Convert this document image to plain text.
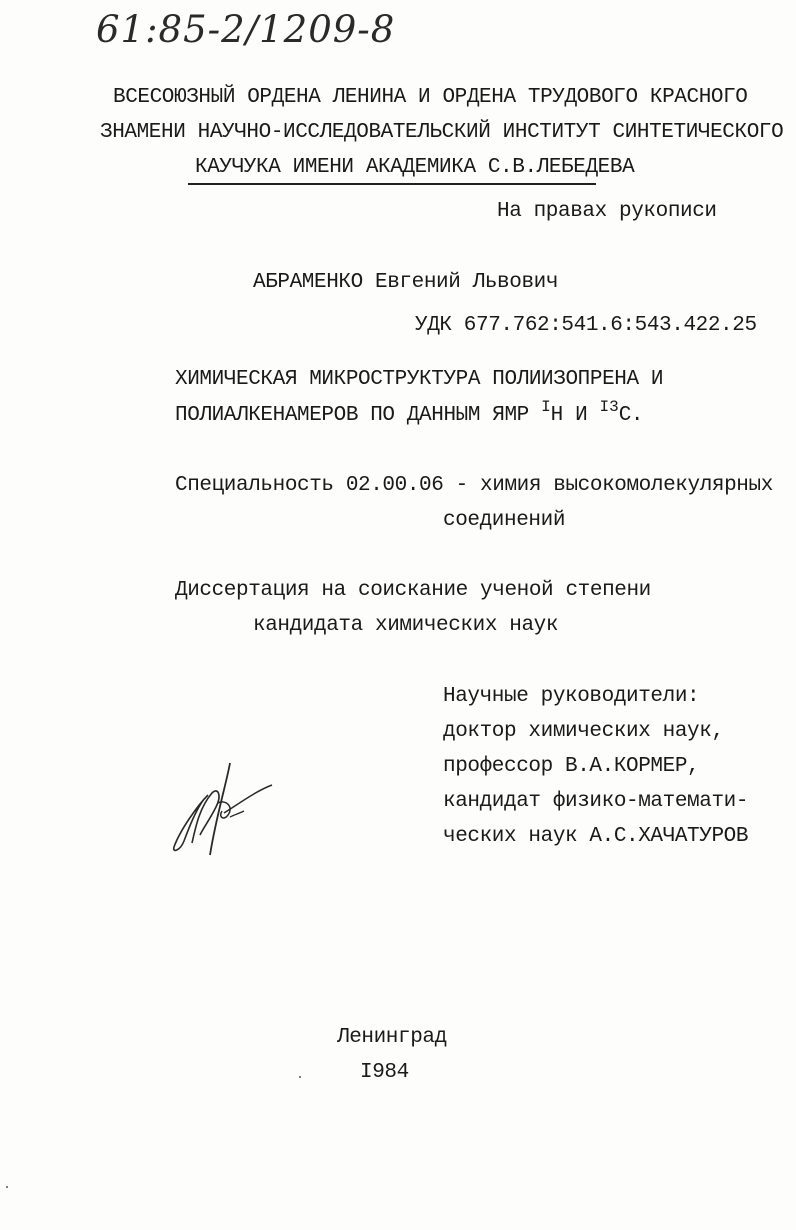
61:85-2/1209-8
ВСЕСОЮЗНЫЙ ОРДЕНА ЛЕНИНА И ОРДЕНА ТРУДОВОГО КРАСНОГО
ЗНАМЕНИ НАУЧНО-ИССЛЕДОВАТЕЛЬСКИЙ ИНСТИТУТ СИНТЕТИЧЕСКОГО
КАУЧУКА ИМЕНИ АКАДЕМИКА С.В.ЛЕБЕДЕВА
На правах рукописи
АБРАМЕНКО Евгений Львович
УДК 677.762:541.6:543.422.25
ХИМИЧЕСКАЯ МИКРОСТРУКТУРА ПОЛИИЗОПРЕНА И
ПОЛИАЛКЕНАМЕРОВ ПО ДАННЫМ ЯМР $^I$H И $^{I3}$C.
Специальность 02.00.06 - химия высокомолекулярных
соединений
Диссертация на соискание ученой степени
кандидата химических наук
Научные руководители:
доктор химических наук,
профессор В.А.КОРМЕР,
кандидат физико-математи-
ческих наук А.С.ХАЧАТУРОВ
Ленинград
I984
